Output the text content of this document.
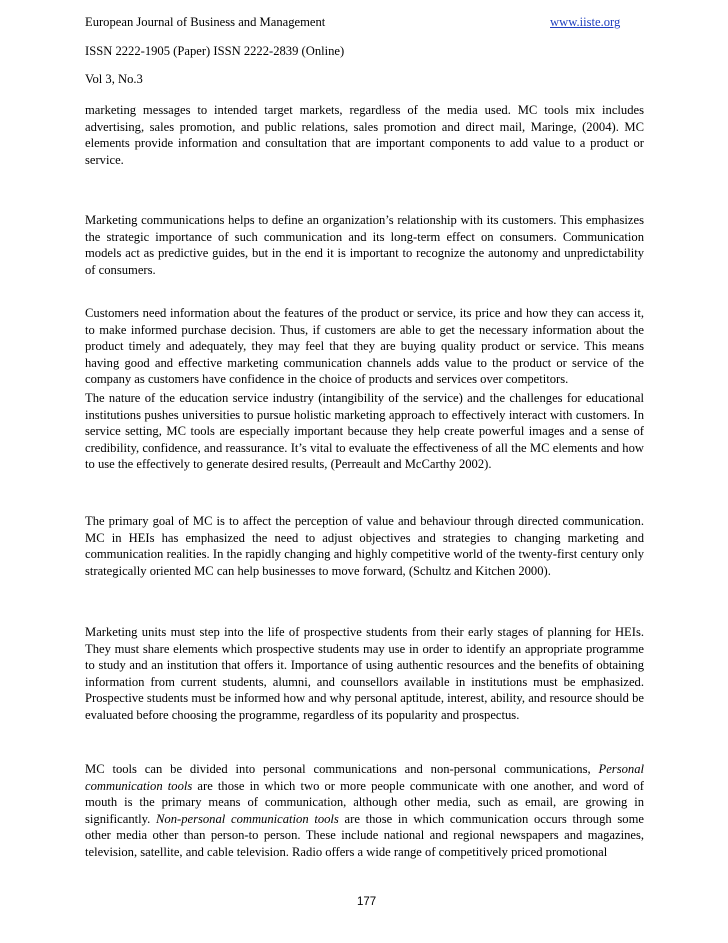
European Journal of Business and Management	www.iiste.org
ISSN 2222-1905 (Paper) ISSN 2222-2839 (Online)
Vol 3, No.3

marketing messages to intended target markets, regardless of the media used. MC tools mix includes advertising, sales promotion, and public relations, sales promotion and direct mail, Maringe, (2004). MC elements provide information and consultation that are important components to add value to a product or service.

Marketing communications helps to define an organization’s relationship with its customers. This emphasizes the strategic importance of such communication and its long-term effect on consumers. Communication models act as predictive guides, but in the end it is important to recognize the autonomy and unpredictability of consumers.

Customers need information about the features of the product or service, its price and how they can access it, to make informed purchase decision. Thus, if customers are able to get the necessary information about the product timely and adequately, they may feel that they are buying quality product or service. This means having good and effective marketing communication channels adds value to the product or service of the company as customers have confidence in the choice of products and services over competitors.

The nature of the education service industry (intangibility of the service) and the challenges for educational institutions pushes universities to pursue holistic marketing approach to effectively interact with customers. In service setting, MC tools are especially important because they help create powerful images and a sense of credibility, confidence, and reassurance. It’s vital to evaluate the effectiveness of all the MC elements and how to use the effectively to generate desired results, (Perreault and McCarthy 2002).

The primary goal of MC is to affect the perception of value and behaviour through directed communication. MC in HEIs has emphasized the need to adjust objectives and strategies to changing marketing and communication realities. In the rapidly changing and highly competitive world of the twenty-first century only strategically oriented MC can help businesses to move forward, (Schultz and Kitchen 2000).

Marketing units must step into the life of prospective students from their early stages of planning for HEIs. They must share elements which prospective students may use in order to identify an appropriate programme to study and an institution that offers it. Importance of using authentic resources and the benefits of obtaining information from current students, alumni, and counsellors available in institutions must be emphasized. Prospective students must be informed how and why personal aptitude, interest, ability, and resource should be evaluated before choosing the programme, regardless of its popularity and prospectus.

MC tools can be divided into personal communications and non-personal communications, Personal communication tools are those in which two or more people communicate with one another, and word of mouth is the primary means of communication, although other media, such as email, are growing in significantly. Non-personal communication tools are those in which communication occurs through some other media other than person-to person. These include national and regional newspapers and magazines, television, satellite, and cable television. Radio offers a wide range of competitively priced promotional

177
